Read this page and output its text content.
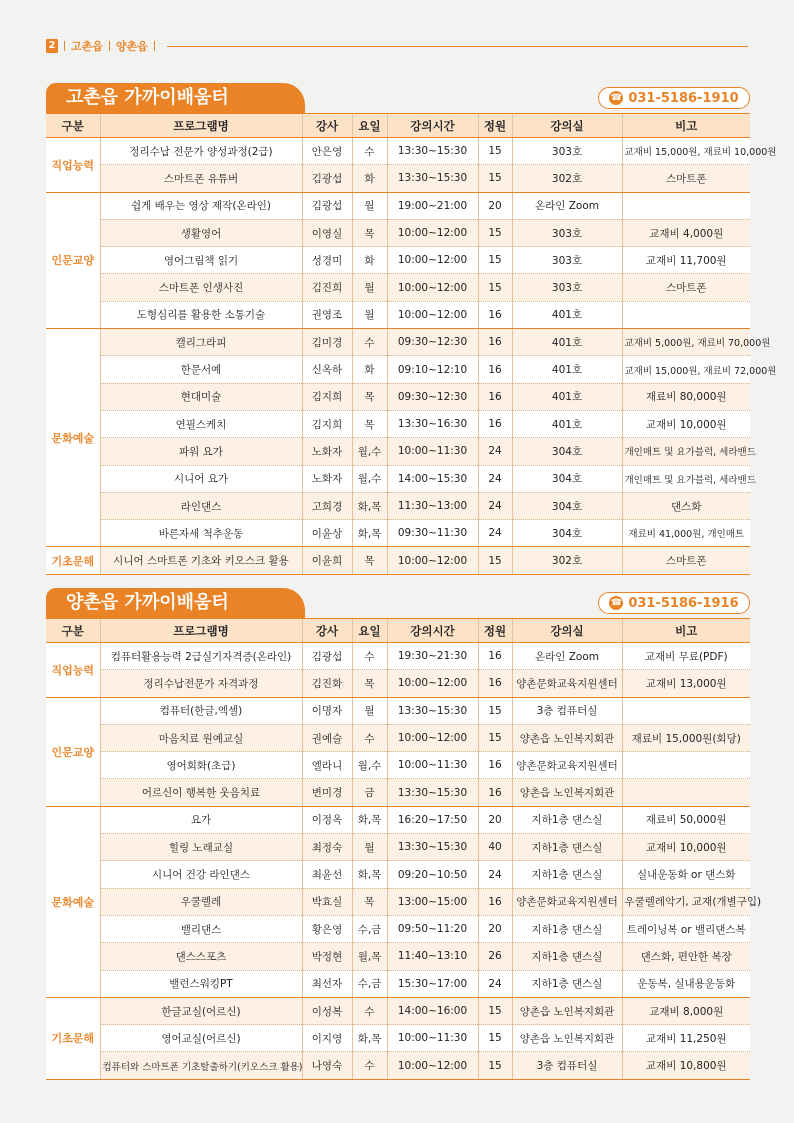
2 고촌읍 양촌읍
고촌읍 가까이배움터	☎ 031-5186-1910
구분	프로그램명	강사	요일	강의시간	정원	강의실	비고
직업능력	정리수납 전문가 양성과정(2급)	안은영	수	13:30~15:30	15	303호	교재비 15,000원, 재료비 10,000원
	스마트폰 유튜버	김광섭	화	13:30~15:30	15	302호	스마트폰
인문교양	쉽게 배우는 영상 제작(온라인)	김광섭	월	19:00~21:00	20	온라인 Zoom	
	생활영어	이영실	목	10:00~12:00	15	303호	교재비 4,000원
	영어그림책 읽기	성경미	화	10:00~12:00	15	303호	교재비 11,700원
	스마트폰 인생사진	김진희	월	10:00~12:00	15	303호	스마트폰
	도형심리를 활용한 소통기술	권영조	월	10:00~12:00	16	401호	
문화예술	캘리그라피	김미경	수	09:30~12:30	16	401호	교재비 5,000원, 재료비 70,000원
	한문서예	신옥하	화	09:10~12:10	16	401호	교재비 15,000원, 재료비 72,000원
	현대미술	김지희	목	09:30~12:30	16	401호	재료비 80,000원
	연필스케치	김지희	목	13:30~16:30	16	401호	교재비 10,000원
	파워 요가	노화자	월,수	10:00~11:30	24	304호	개인매트 및 요가블럭, 세라밴드
	시니어 요가	노화자	월,수	14:00~15:30	24	304호	개인매트 및 요가블럭, 세라밴드
	라인댄스	고희경	화,목	11:30~13:00	24	304호	댄스화
	바른자세 척추운동	이윤상	화,목	09:30~11:30	24	304호	재료비 41,000원, 개인매트
기초문해	시니어 스마트폰 기초와 키오스크 활용	이윤희	목	10:00~12:00	15	302호	스마트폰
양촌읍 가까이배움터	☎ 031-5186-1916
구분	프로그램명	강사	요일	강의시간	정원	강의실	비고
직업능력	컴퓨터활용능력 2급실기자격증(온라인)	김광섭	수	19:30~21:30	16	온라인 Zoom	교재비 무료(PDF)
	정리수납전문가 자격과정	김진화	목	10:00~12:00	16	양촌문화교육지원센터	교재비 13,000원
인문교양	컴퓨터(한글,엑셀)	이명자	월	13:30~15:30	15	3층 컴퓨터실	
	마음치료 원예교실	권예슬	수	10:00~12:00	15	양촌읍 노인복지회관	재료비 15,000원(회당)
	영어회화(초급)	엘라니	월,수	10:00~11:30	16	양촌문화교육지원센터	
	어르신이 행복한 웃음치료	변미경	금	13:30~15:30	16	양촌읍 노인복지회관	
문화예술	요가	이정옥	화,목	16:20~17:50	20	지하1층 댄스실	재료비 50,000원
	힐링 노래교실	최정숙	월	13:30~15:30	40	지하1층 댄스실	교재비 10,000원
	시니어 건강 라인댄스	최윤선	화,목	09:20~10:50	24	지하1층 댄스실	실내운동화 or 댄스화
	우쿨렐레	박효실	목	13:00~15:00	16	양촌문화교육지원센터	우쿨렐레악기, 교재(개별구입)
	밸리댄스	황은영	수,금	09:50~11:20	20	지하1층 댄스실	트레이닝복 or 밸리댄스복
	댄스스포츠	박정현	월,목	11:40~13:10	26	지하1층 댄스실	댄스화, 편안한 복장
	밸런스워킹PT	최선자	수,금	15:30~17:00	24	지하1층 댄스실	운동복, 실내용운동화
기초문해	한글교실(어르신)	이성복	수	14:00~16:00	15	양촌읍 노인복지회관	교재비 8,000원
	영어교실(어르신)	이지영	화,목	10:00~11:30	15	양촌읍 노인복지회관	교재비 11,250원
	컴퓨터와 스마트폰 기초탈출하기(키오스크 활용)	나영숙	수	10:00~12:00	15	3층 컴퓨터실	교재비 10,800원
